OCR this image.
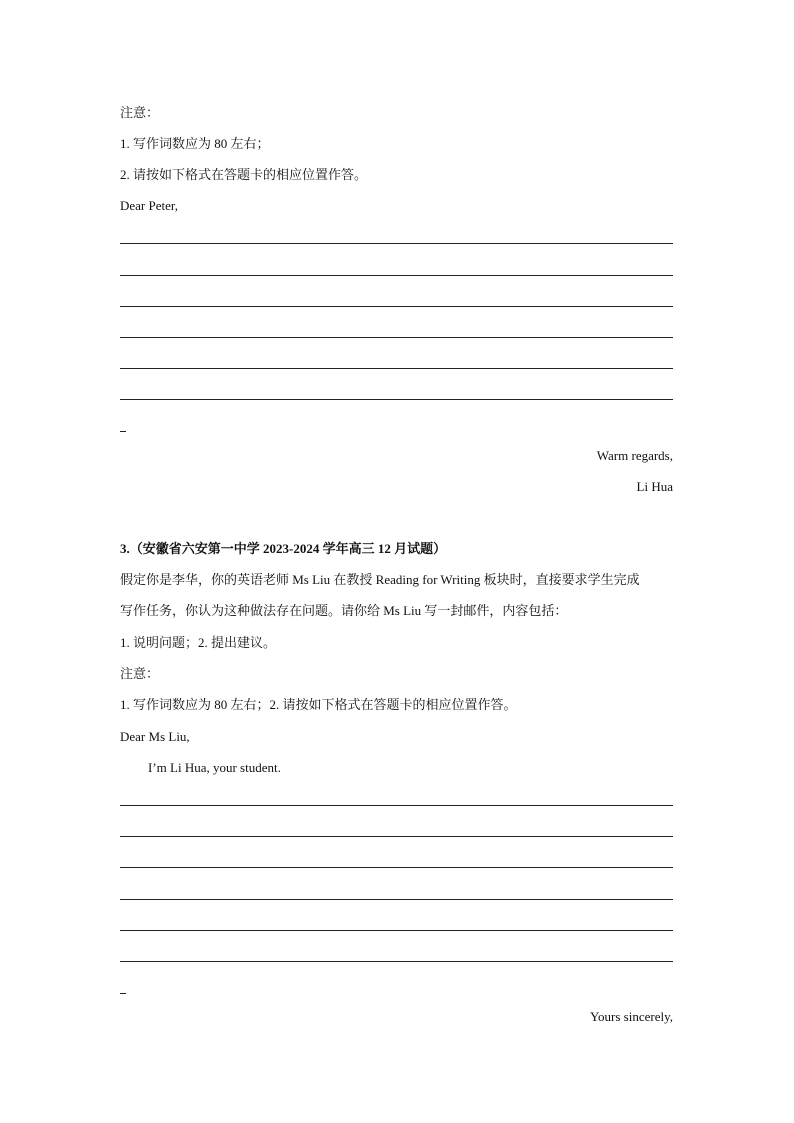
注意：
1. 写作词数应为 80 左右；
2. 请按如下格式在答题卡的相应位置作答。
Dear Peter,
Warm regards,
Li Hua
3.（安徽省六安第一中学 2023-2024 学年高三 12 月试题）
假定你是李华，你的英语老师 Ms Liu 在教授 Reading for Writing 板块时，直接要求学生完成
写作任务，你认为这种做法存在问题。请你给 Ms Liu 写一封邮件，内容包括：
1. 说明问题；2. 提出建议。
注意：
1. 写作词数应为 80 左右；2. 请按如下格式在答题卡的相应位置作答。
Dear Ms Liu,
I’m Li Hua, your student.
Yours sincerely,
